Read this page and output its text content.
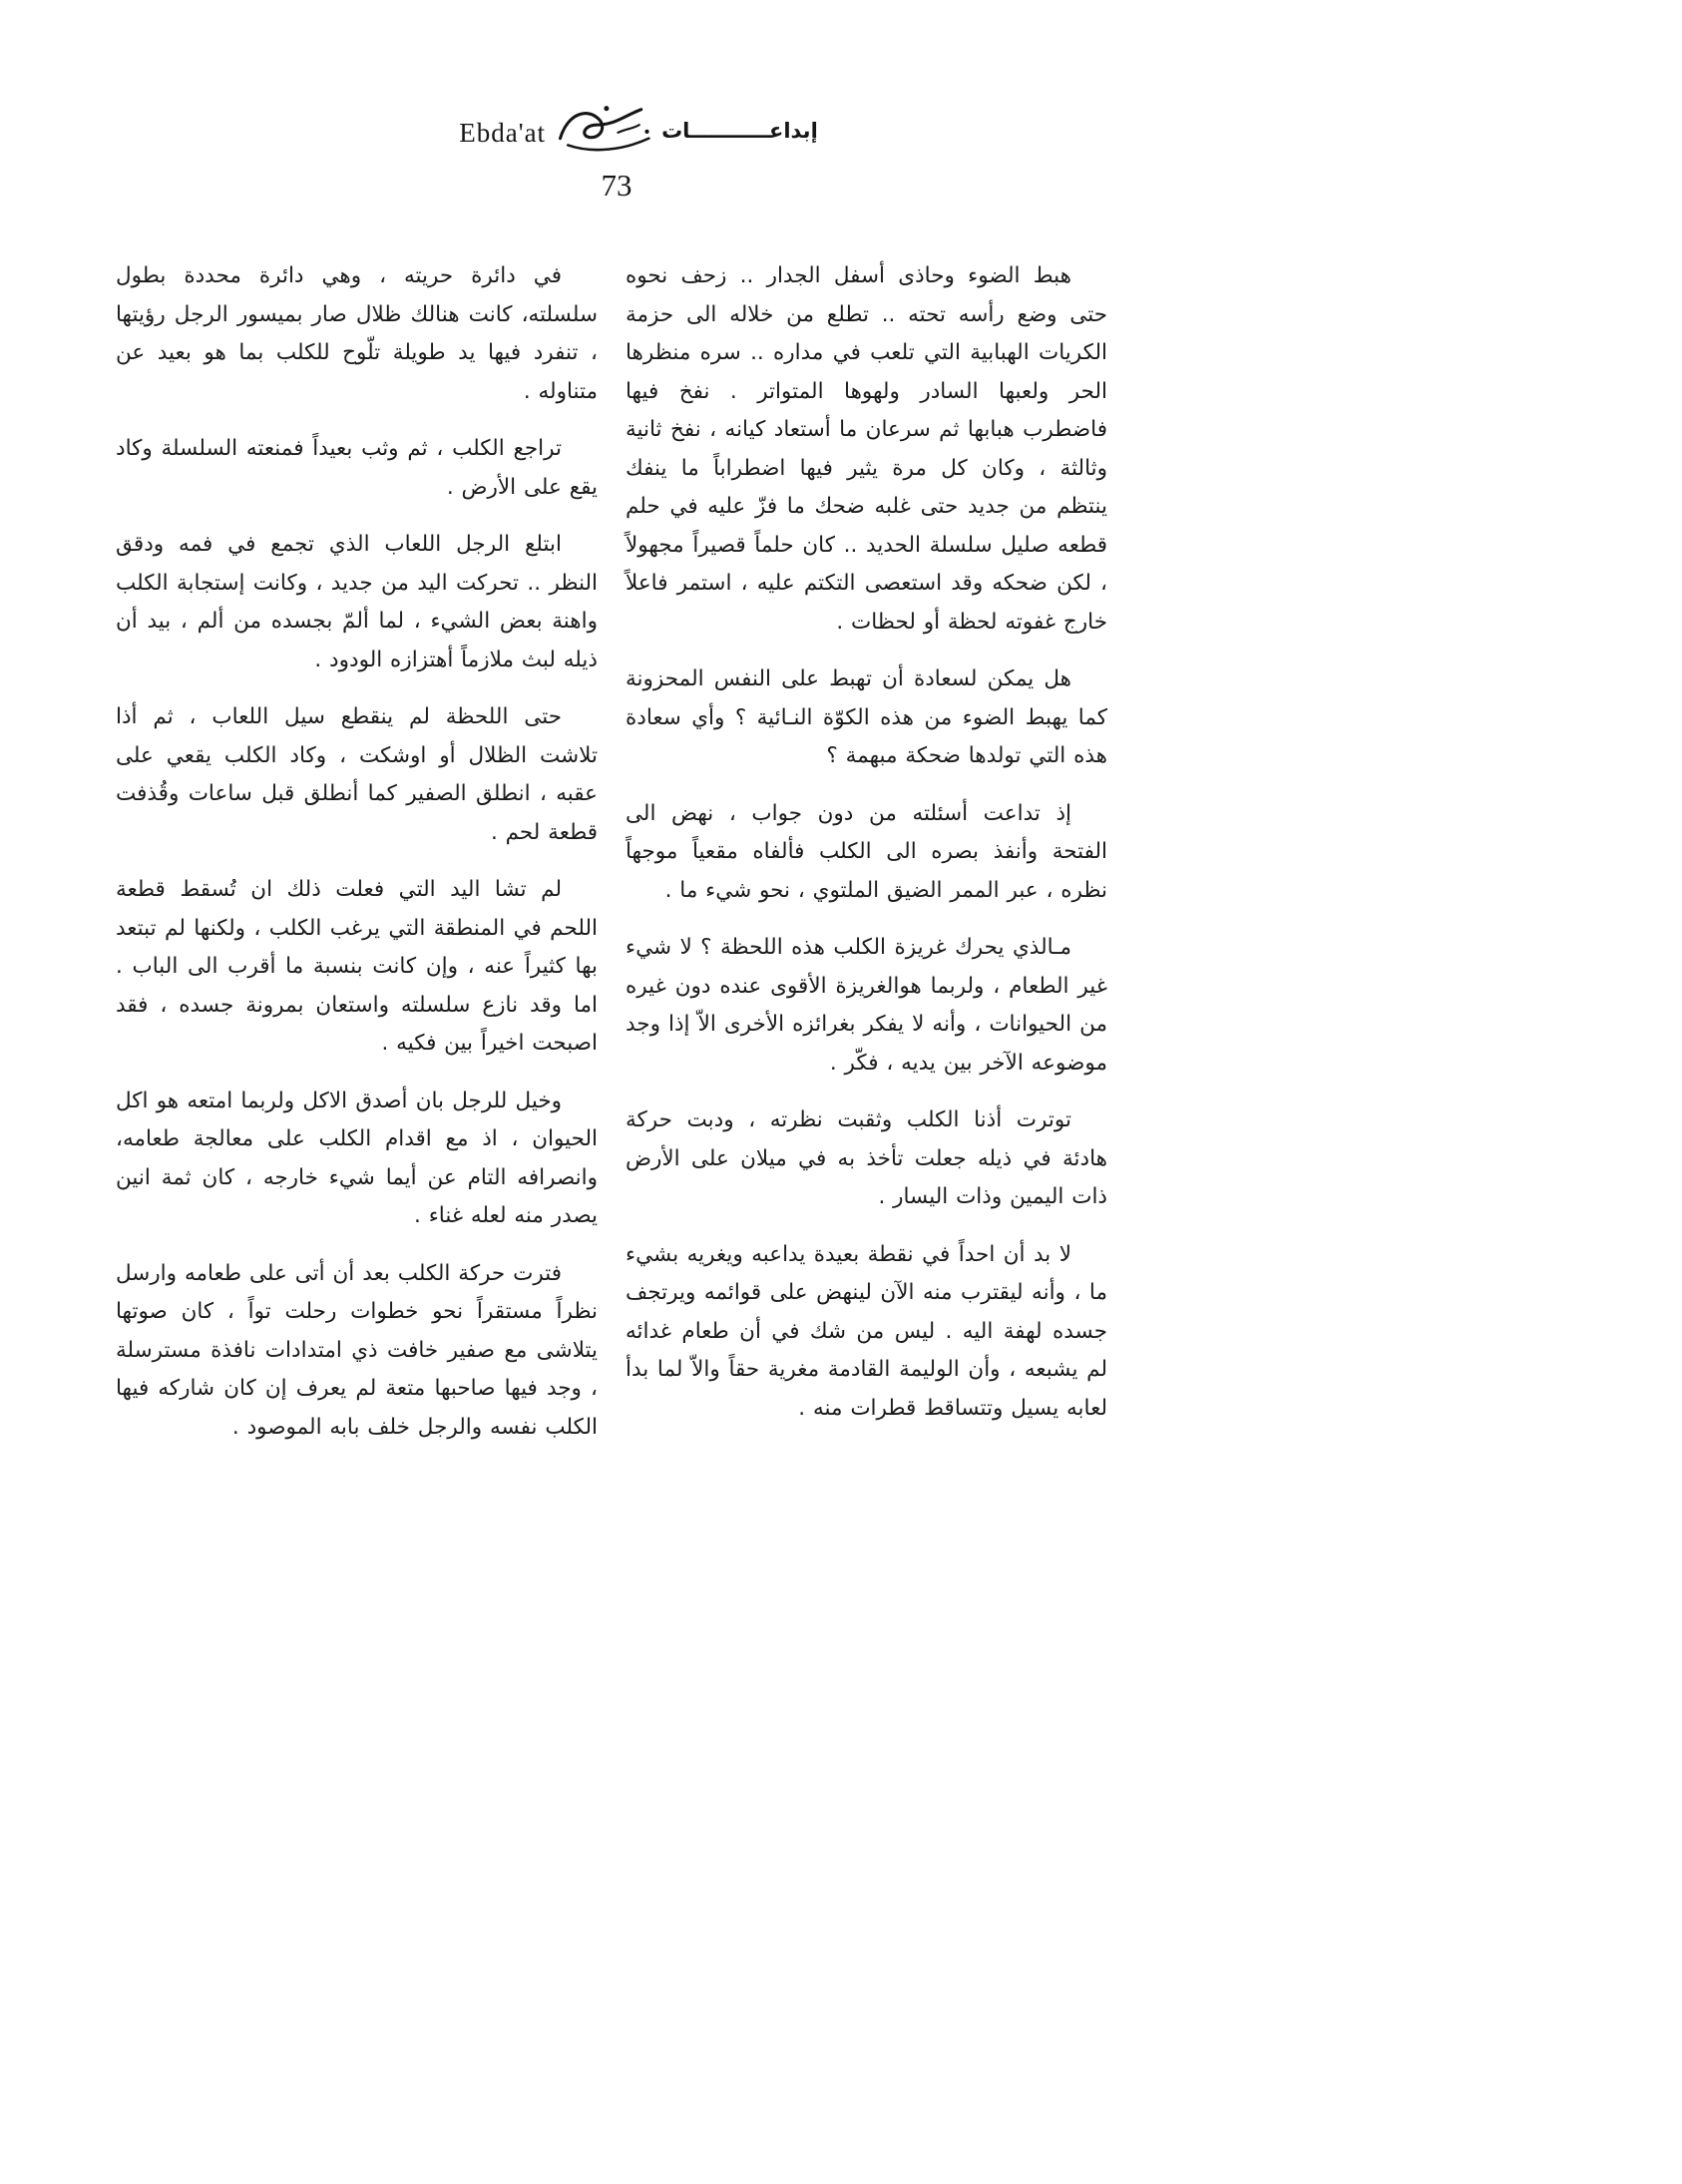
Ebda'at	إبداعـــــــــــات
73

هبط الضوء وحاذى أسفل الجدار .. زحف نحوه حتى وضع رأسه تحته .. تطلع من خلاله الى حزمة الكريات الهبابية التي تلعب في مداره .. سره منظرها الحر ولعبها السادر ولهوها المتواتر . نفخ فيها فاضطرب هبابها ثم سرعان ما أستعاد كيانه ، نفخ ثانية وثالثة ، وكان كل مرة يثير فيها اضطراباً ما ينفك ينتظم من جديد حتى غلبه ضحك ما فزّ عليه في حلم قطعه صليل سلسلة الحديد .. كان حلماً قصيراً مجهولاً ، لكن ضحكه وقد استعصى التكتم عليه ، استمر فاعلاً خارج غفوته لحظة أو لحظات .

هل يمكن لسعادة أن تهبط على النفس المحزونة كما يهبط الضوء من هذه الكوّة النـائية ؟ وأي سعادة هذه التي تولدها ضحكة مبهمة ؟

إذ تداعت أسئلته من دون جواب ، نهض الى الفتحة وأنفذ بصره الى الكلب فألفاه مقعياً موجهاً نظره ، عبر الممر الضيق الملتوي ، نحو شيء ما .

مـالذي يحرك غريزة الكلب هذه اللحظة ؟ لا شيء غير الطعام ، ولربما هوالغريزة الأقوى عنده دون غيره من الحيوانات ، وأنه لا يفكر بغرائزه الأخرى الاّ إذا وجد موضوعه الآخر بين يديه ، فكّر .

توترت أذنا الكلب وثقبت نظرته ، ودبت حركة هادئة في ذيله جعلت تأخذ به في ميلان على الأرض ذات اليمين وذات اليسار .

لا بد أن احداً في نقطة بعيدة يداعبه ويغريه بشيء ما ، وأنه ليقترب منه الآن لينهض على قوائمه ويرتجف جسده لهفة اليه . ليس من شك في أن طعام غدائه لم يشبعه ، وأن الوليمة القادمة مغرية حقاً والاّ لما بدأ لعابه يسيل وتتساقط قطرات منه .

في دائرة حريته ، وهي دائرة محددة بطول سلسلته، كانت هنالك ظلال صار بميسور الرجل رؤيتها ، تنفرد فيها يد طويلة تلّوح للكلب بما هو بعيد عن متناوله .

تراجع الكلب ، ثم وثب بعيداً فمنعته السلسلة وكاد يقع على الأرض .

ابتلع الرجل اللعاب الذي تجمع في فمه ودقق النظر .. تحركت اليد من جديد ، وكانت إستجابة الكلب واهنة بعض الشيء ، لما ألمّ بجسده من ألم ، بيد أن ذيله لبث ملازماً أهتزازه الودود .

حتى اللحظة لم ينقطع سيل اللعاب ، ثم أذا تلاشت الظلال أو اوشكت ، وكاد الكلب يقعي على عقبه ، انطلق الصفير كما أنطلق قبل ساعات وقُذفت قطعة لحم .

لم تشا اليد التي فعلت ذلك ان تُسقط قطعة اللحم في المنطقة التي يرغب الكلب ، ولكنها لم تبتعد بها كثيراً عنه ، وإن كانت بنسبة ما أقرب الى الباب . اما وقد نازع سلسلته واستعان بمرونة جسده ، فقد اصبحت اخيراً بين فكيه .

وخيل للرجل بان أصدق الاكل ولربما امتعه هو اكل الحيوان ، اذ مع اقدام الكلب على معالجة طعامه، وانصرافه التام عن أيما شيء خارجه ، كان ثمة انين يصدر منه لعله غناء .

فترت حركة الكلب بعد أن أتى على طعامه وارسل نظراً مستقراً نحو خطوات رحلت تواً ، كان صوتها يتلاشى مع صفير خافت ذي امتدادات نافذة مسترسلة ، وجد فيها صاحبها متعة لم يعرف إن كان شاركه فيها الكلب نفسه والرجل خلف بابه الموصود .
